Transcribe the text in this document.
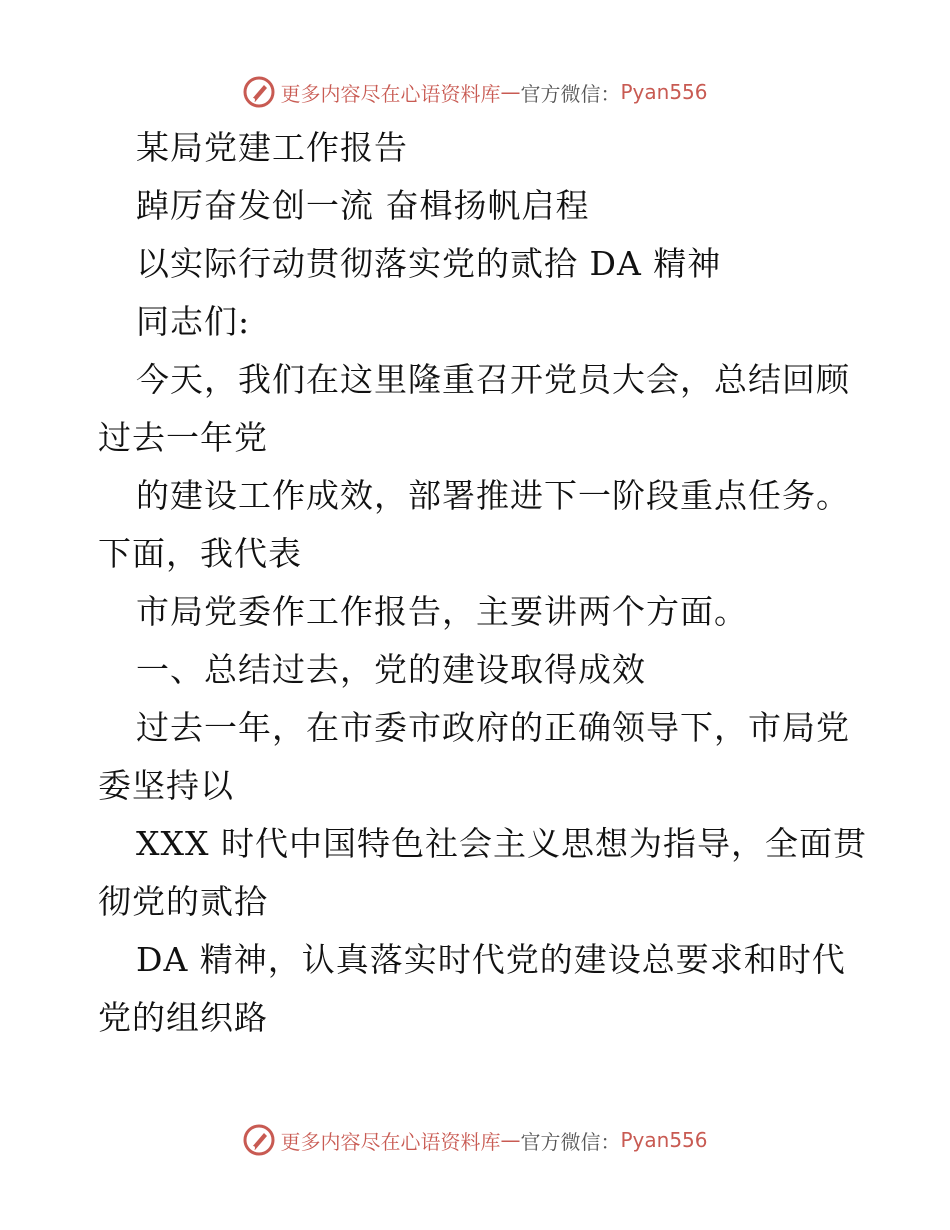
更多内容尽在心语资料库 — 官方微信： Pyan556
某局党建工作报告
踔厉奋发创一流 奋楫扬帆启程
以实际行动贯彻落实党的贰拾 DA 精神
同志们:
今天，我们在这里隆重召开党员大会，总结回顾
过去一年党
的建设工作成效，部署推进下一阶段重点任务。
下面，我代表
市局党委作工作报告，主要讲两个方面。
一、总结过去，党的建设取得成效
过去一年，在市委市政府的正确领导下，市局党
委坚持以
XXX 时代中国特色社会主义思想为指导，全面贯
彻党的贰拾
DA 精神，认真落实时代党的建设总要求和时代
党的组织路
更多内容尽在心语资料库 — 官方微信： Pyan556
